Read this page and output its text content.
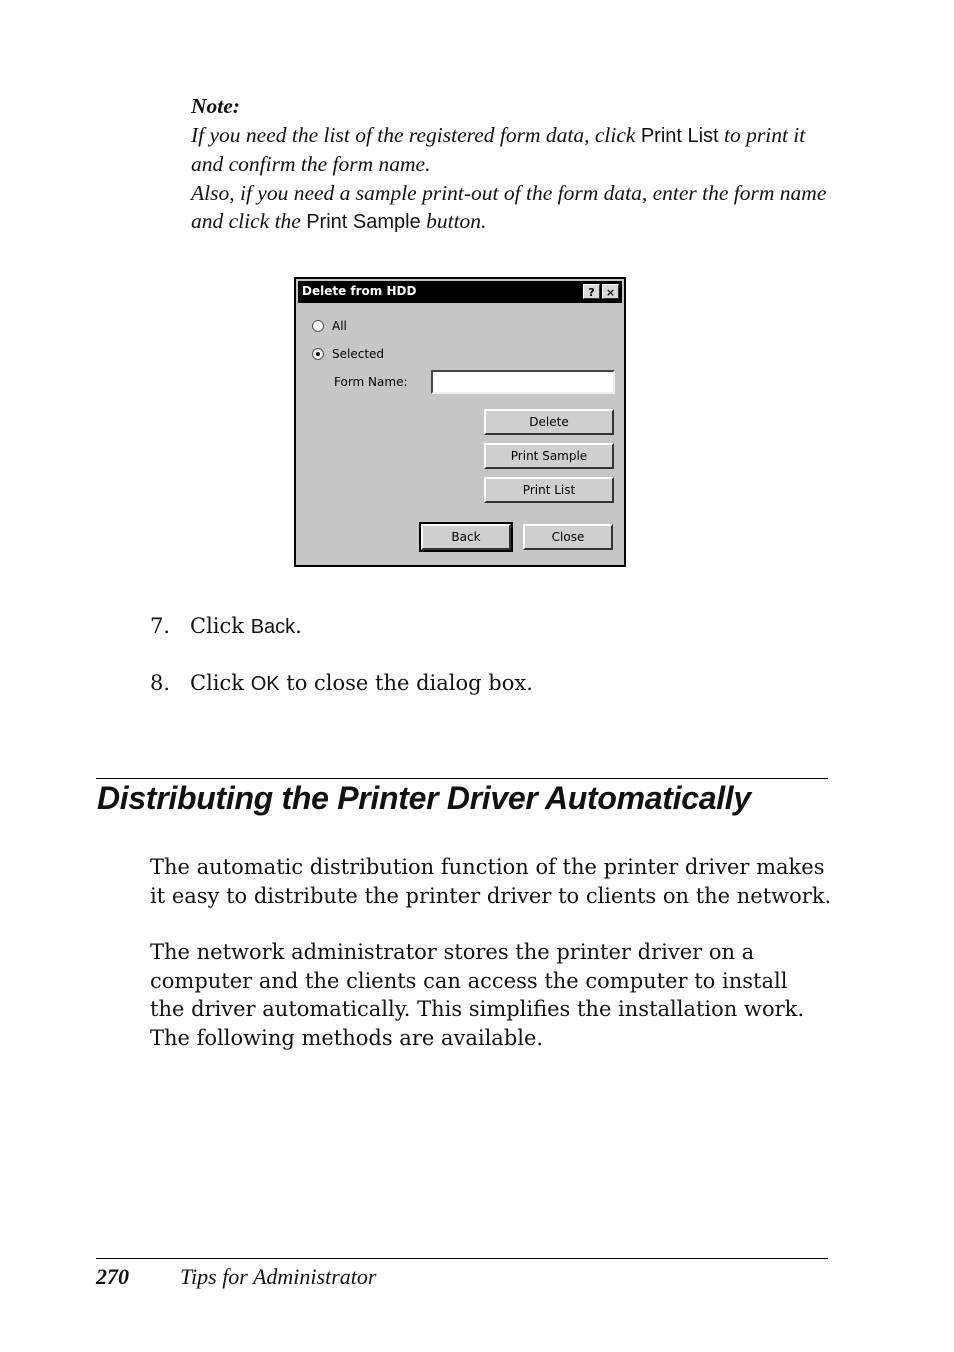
Note:
If you need the list of the registered form data, click Print List to print it and confirm the form name.
Also, if you need a sample print-out of the form data, enter the form name and click the Print Sample button.
Delete from HDD	?	×
All
Selected
Form Name:
Delete
Print Sample
Print List
Back	Close
7. Click Back.
8. Click OK to close the dialog box.
Distributing the Printer Driver Automatically

The automatic distribution function of the printer driver makes it easy to distribute the printer driver to clients on the network.

The network administrator stores the printer driver on a computer and the clients can access the computer to install the driver automatically. This simplifies the installation work. The following methods are available.

270 Tips for Administrator
